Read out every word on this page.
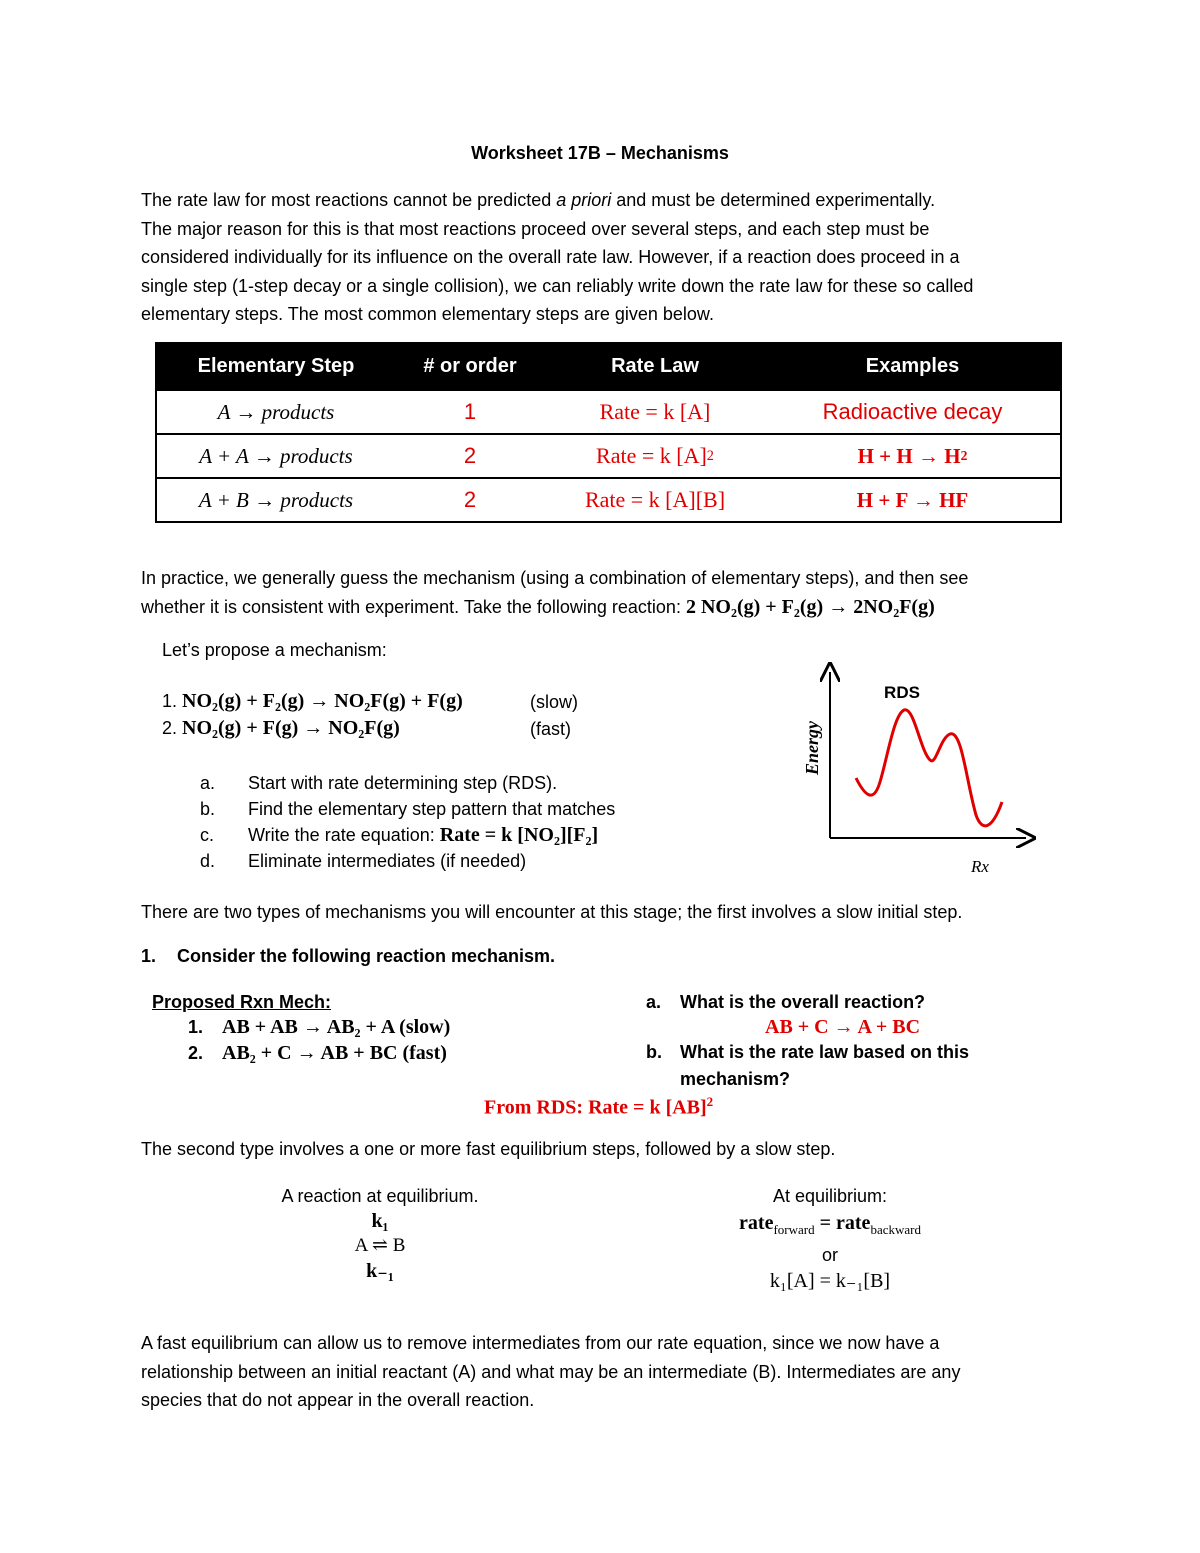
Worksheet 17B – Mechanisms
The rate law for most reactions cannot be predicted a priori and must be determined experimentally.
The major reason for this is that most reactions proceed over several steps, and each step must be
considered individually for its influence on the overall rate law. However, if a reaction does proceed in a
single step (1-step decay or a single collision), we can reliably write down the rate law for these so called
elementary steps. The most common elementary steps are given below.
Elementary Step	# or order	Rate Law	Examples
A → products	1	Rate = k [A]	Radioactive decay
A + A → products	2	Rate = k [A] 2	H + H → H 2
A + B → products	2	Rate = k [A][B]	H + F → HF
In practice, we generally guess the mechanism (using a combination of elementary steps), and then see
whether it is consistent with experiment. Take the following reaction: 2 NO₂(g) + F₂(g) → 2NO₂F(g)
Let’s propose a mechanism:
1. NO₂(g) + F₂(g) → NO₂F(g) + F(g)	(slow)
2. NO₂(g) + F(g) → NO₂F(g)	(fast)
a. Start with rate determining step (RDS).
b. Find the elementary step pattern that matches
c. Write the rate equation: Rate = k [NO₂][F₂]
d. Eliminate intermediates (if needed)
Energy
Rx
RDS
There are two types of mechanisms you will encounter at this stage; the first involves a slow initial step.
1. Consider the following reaction mechanism.
Proposed Rxn Mech:
1. AB + AB → AB₂ + A (slow)
2. AB₂ + C → AB + BC (fast)
a. What is the overall reaction?
AB + C → A + BC
b. What is the rate law based on this
mechanism?
From RDS: Rate = k [AB]$^2$
The second type involves a one or more fast equilibrium steps, followed by a slow step.
A reaction at equilibrium.
k₁
A ⇌ B
k₋₁
At equilibrium:
rate$_{forward}$ = rate$_{backward}$
or
k₁[A] = k₋₁[B]
A fast equilibrium can allow us to remove intermediates from our rate equation, since we now have a
relationship between an initial reactant (A) and what may be an intermediate (B). Intermediates are any
species that do not appear in the overall reaction.
